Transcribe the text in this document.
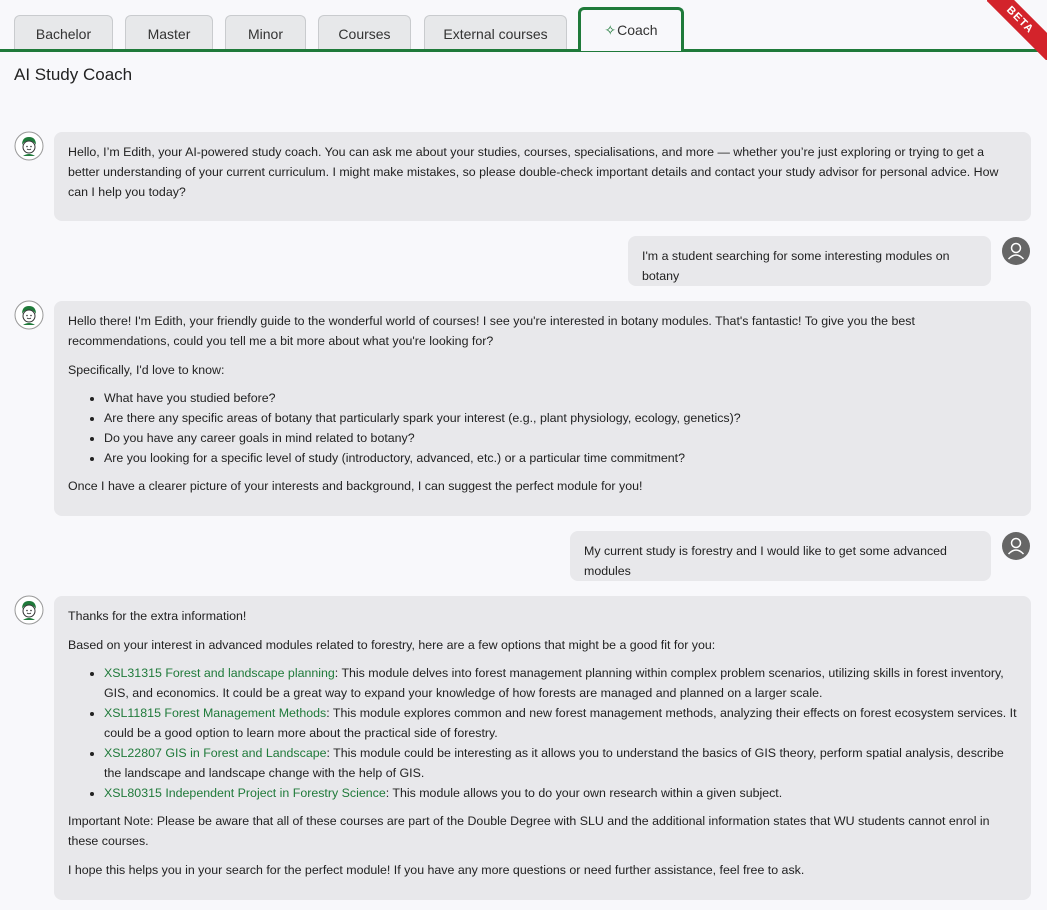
Bachelor	Master	Minor	Courses	External courses	✧Coach	BETA
AI Study Coach

Hello, I’m Edith, your AI-powered study coach. You can ask me about your studies, courses, specialisations, and more — whether you’re just exploring or trying to get a better understanding of your current curriculum. I might make mistakes, so please double-check important details and contact your study advisor for personal advice. How can I help you today?

I'm a student searching for some interesting modules on botany

Hello there! I'm Edith, your friendly guide to the wonderful world of courses! I see you're interested in botany modules. That's fantastic! To give you the best recommendations, could you tell me a bit more about what you're looking for?

Specifically, I'd love to know:

• What have you studied before?
• Are there any specific areas of botany that particularly spark your interest (e.g., plant physiology, ecology, genetics)?
• Do you have any career goals in mind related to botany?
• Are you looking for a specific level of study (introductory, advanced, etc.) or a particular time commitment?

Once I have a clearer picture of your interests and background, I can suggest the perfect module for you!

My current study is forestry and I would like to get some advanced modules

Thanks for the extra information!

Based on your interest in advanced modules related to forestry, here are a few options that might be a good fit for you:

• XSL31315 Forest and landscape planning: This module delves into forest management planning within complex problem scenarios, utilizing skills in forest inventory, GIS, and economics. It could be a great way to expand your knowledge of how forests are managed and planned on a larger scale.
• XSL11815 Forest Management Methods: This module explores common and new forest management methods, analyzing their effects on forest ecosystem services. It could be a good option to learn more about the practical side of forestry.
• XSL22807 GIS in Forest and Landscape: This module could be interesting as it allows you to understand the basics of GIS theory, perform spatial analysis, describe the landscape and landscape change with the help of GIS.
• XSL80315 Independent Project in Forestry Science: This module allows you to do your own research within a given subject.

Important Note: Please be aware that all of these courses are part of the Double Degree with SLU and the additional information states that WU students cannot enrol in these courses.

I hope this helps you in your search for the perfect module! If you have any more questions or need further assistance, feel free to ask.
